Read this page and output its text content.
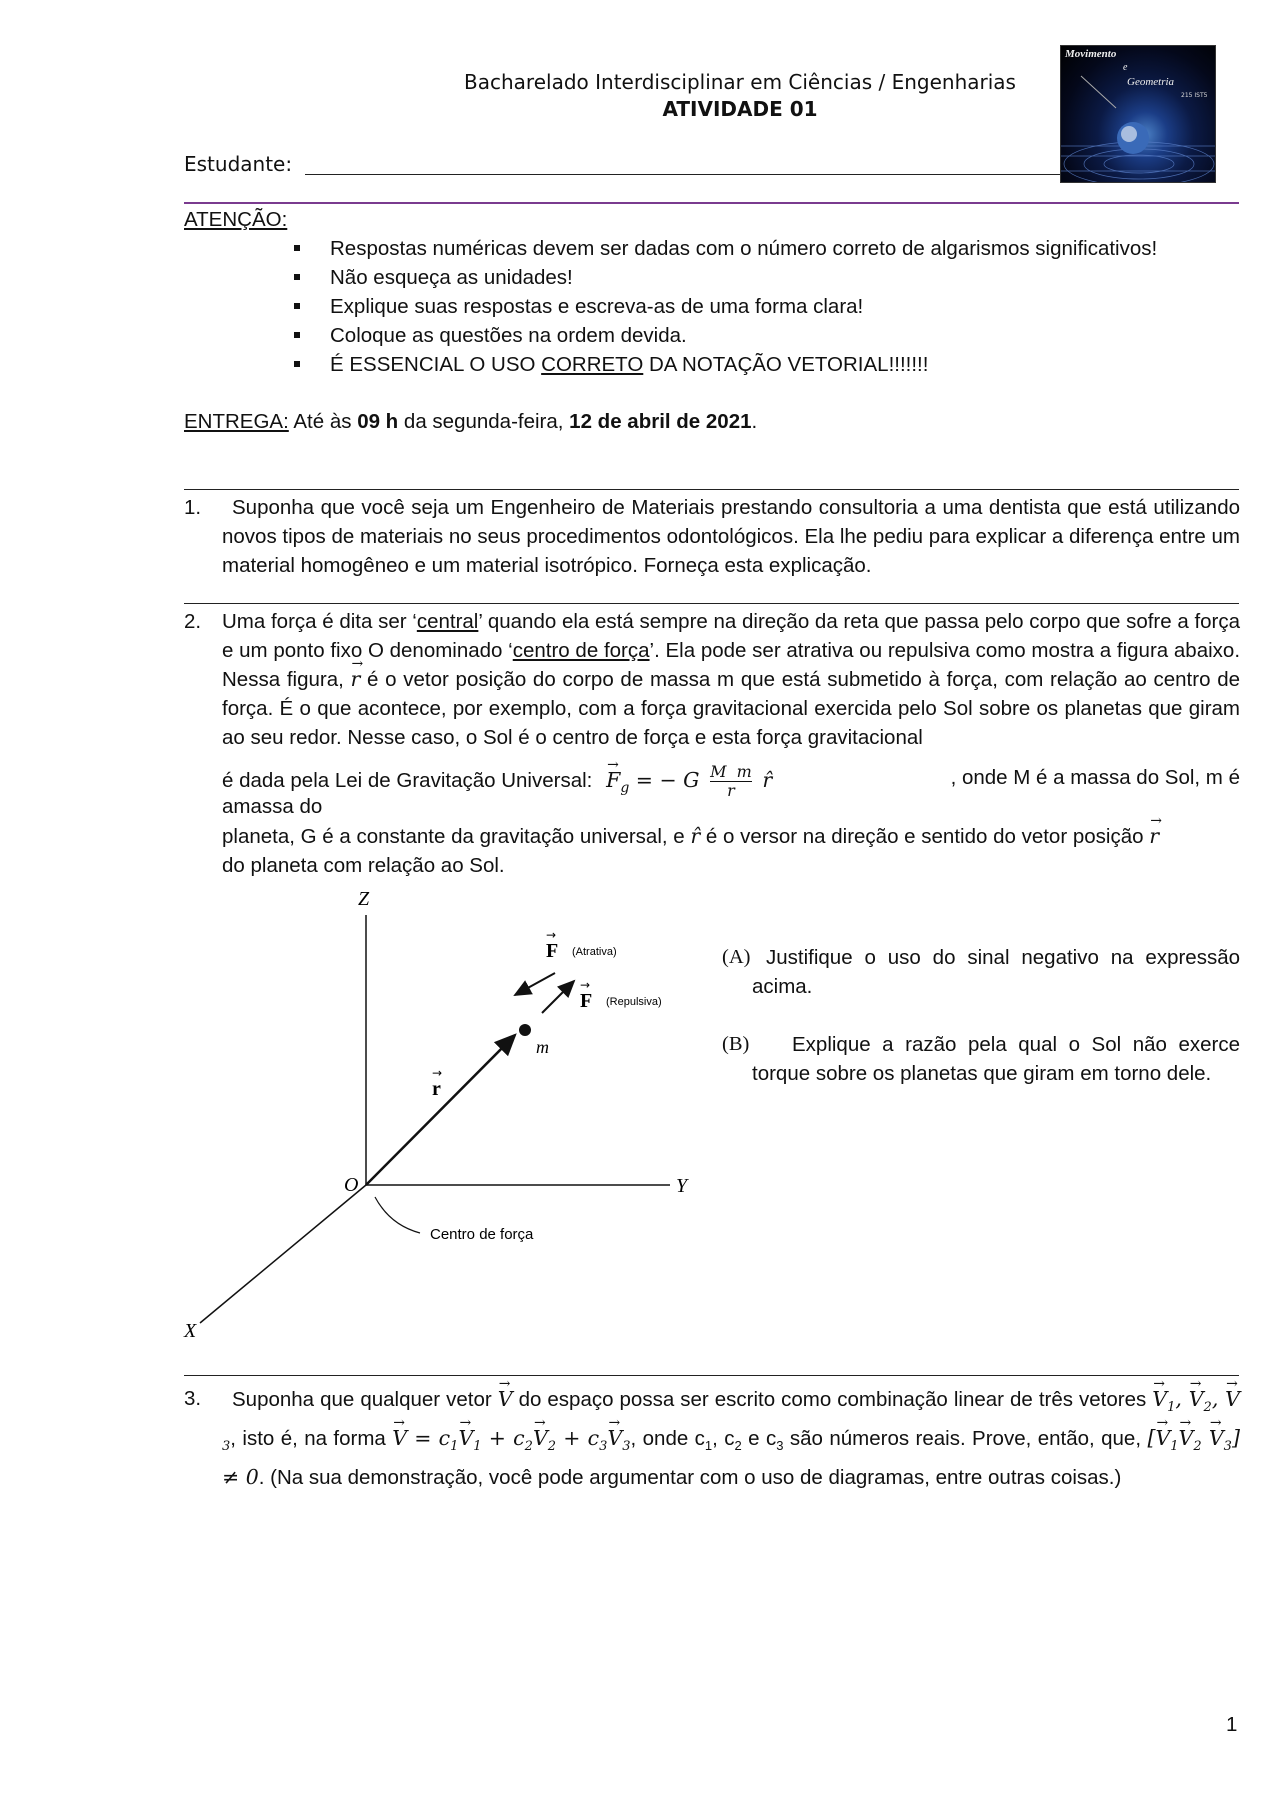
Bacharelado Interdisciplinar em Ciências / Engenharias
ATIVIDADE 01
Movimento
e
Geometria
215 IST5
Estudante:
ATENÇÃO:
Respostas numéricas devem ser dadas com o número correto de algarismos significativos!
Não esqueça as unidades!
Explique suas respostas e escreva-as de uma forma clara!
Coloque as questões na ordem devida.
É ESSENCIAL O USO CORRETO DA NOTAÇÃO VETORIAL!!!!!!!
ENTREGA: Até às 09 h da segunda-feira, 12 de abril de 2021.
1.	Suponha que você seja um Engenheiro de Materiais prestando consultoria a uma dentista que está utilizando novos tipos de materiais no seus procedimentos odontológicos. Ela lhe pediu para explicar a diferença entre um material homogêneo e um material isotrópico. Forneça esta explicação.
2. Uma força é dita ser ‘central’ quando ela está sempre na direção da reta que passa pelo corpo que sofre a força e um ponto fixo O denominado ‘centro de força’. Ela pode ser atrativa ou repulsiva como mostra a figura abaixo. Nessa figura, → r é o vetor posição do corpo de massa m que está submetido à força, com relação ao centro de força. É o que acontece, por exemplo, com a força gravitacional exercida pelo Sol sobre os planetas que giram ao seu redor. Nesse caso, o Sol é o centro de força e esta força gravitacional
é dada pela Lei de Gravitação Universal: → $F_g$ = − G $\frac{\text{M  m}}{r}$ r̂	, onde M é a massa do Sol, m é
amassa do
planeta, G é a constante da gravitação universal, e r̂ é o versor na direção e sentido do vetor posição → r
do planeta com relação ao Sol.
Z
Y
X
O
m
r
→
F
→
(Atrativa)
F
→
(Repulsiva)
Centro de força
(A) Justifique o uso do sinal negativo na expressão acima.
(B)	Explique a razão pela qual o Sol não exerce torque sobre os planetas que giram em torno dele.
3.	Suponha que qualquer vetor → V do espaço possa ser escrito como combinação linear de três vetores → $V_1$, → $V_2$, → $V_3$, isto é, na forma → $V = c_1\to V_1 + c_2\to V_2 + c_3\to V_3$, onde $c_1$, $c_2$ e $c_3$ são números reais. Prove, então, que, [→ $V_1\to V_2 \to V_3] \ne 0$. (Na sua demonstração, você pode argumentar com o uso de diagramas, entre outras coisas.)
1
